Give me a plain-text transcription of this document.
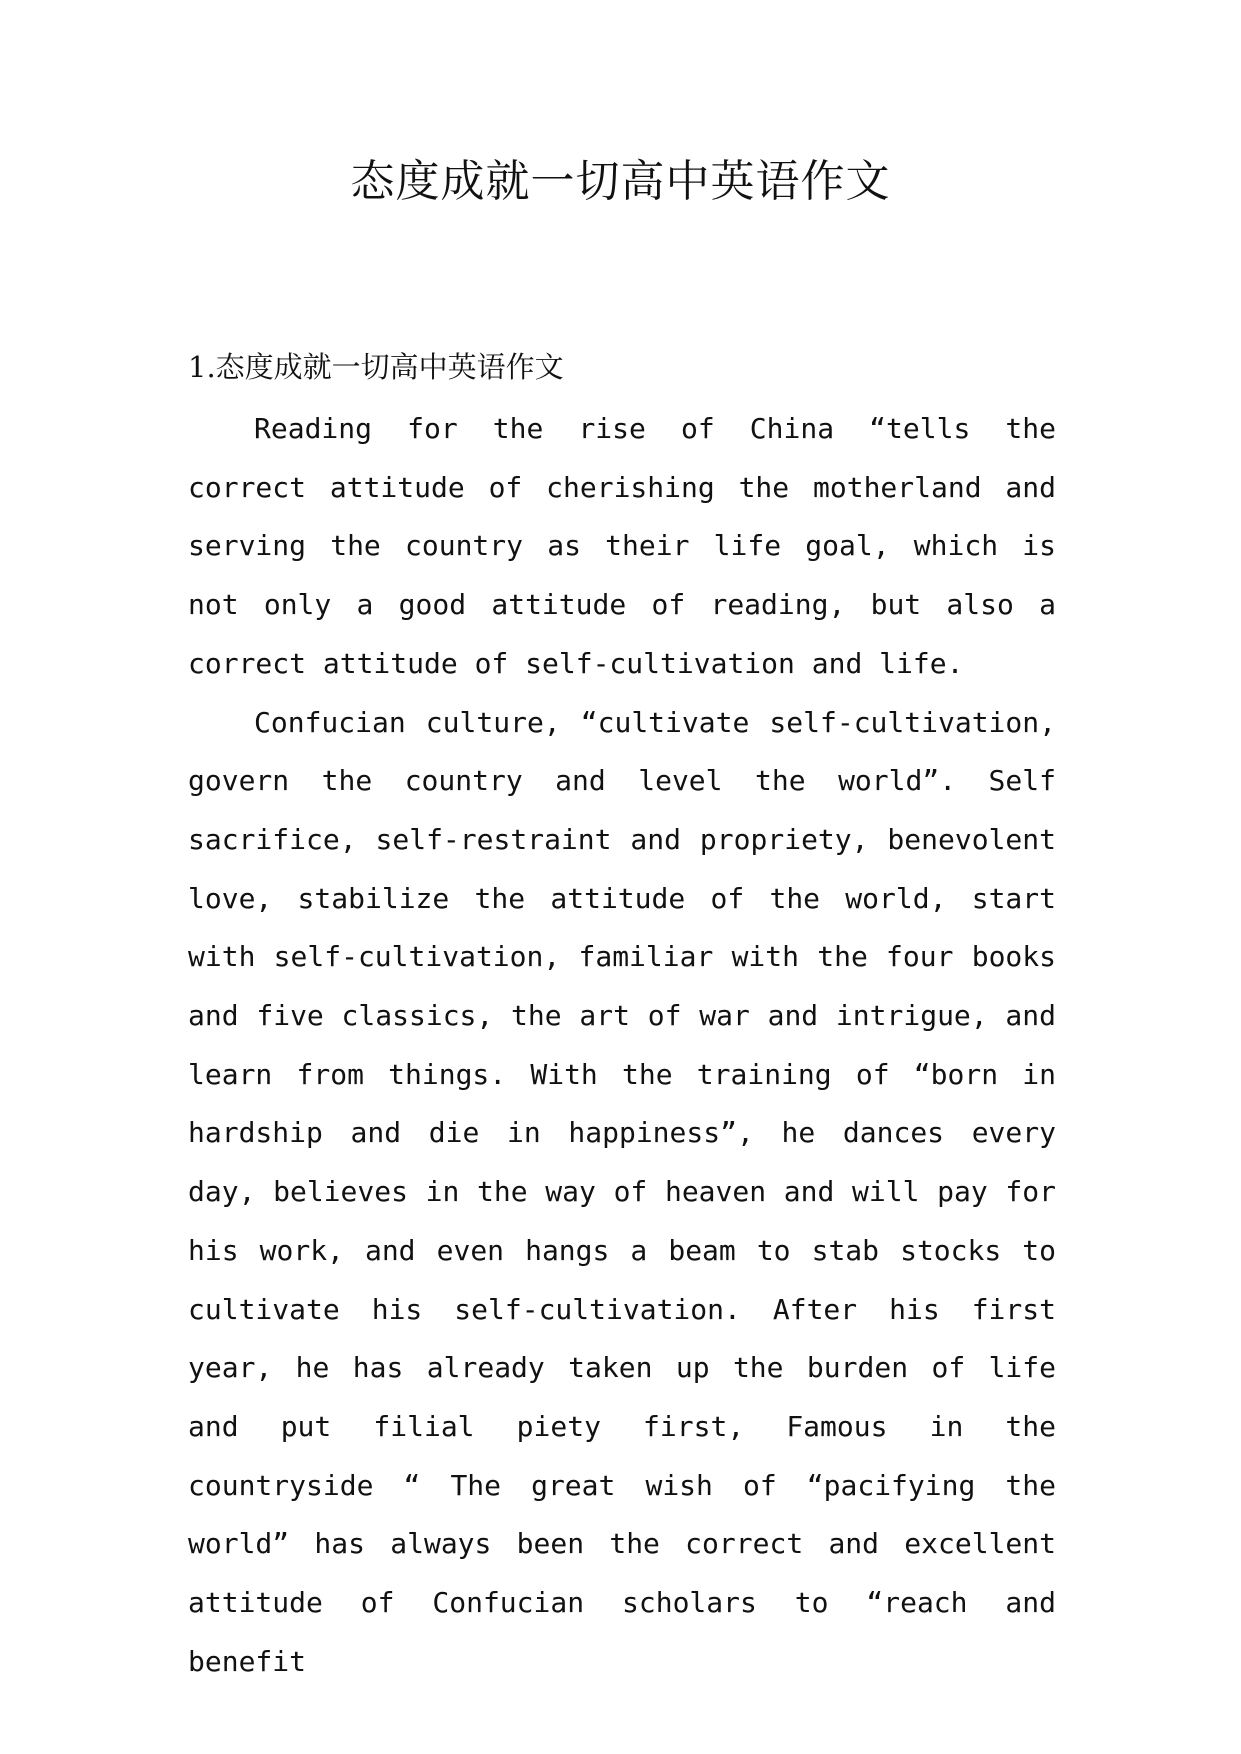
态度成就一切高中英语作文
1.态度成就一切高中英语作文

Reading for the rise of China “tells the correct attitude of cherishing the motherland and serving the country as their life goal, which is not only a good attitude of reading, but also a correct attitude of self-cultivation and life.

Confucian culture, “cultivate self-cultivation, govern the country and level the world”. Self sacrifice, self-restraint and propriety, benevolent love, stabilize the attitude of the world, start with self-cultivation, familiar with the four books and five classics, the art of war and intrigue, and learn from things. With the training of “born in hardship and die in happiness”, he dances every day, believes in the way of heaven and will pay for his work, and even hangs a beam to stab stocks to cultivate his self-cultivation. After his first year, he has already taken up the burden of life and put filial piety first, Famous in the countryside “ The great wish of “pacifying the world” has always been the correct and excellent attitude of Confucian scholars to “reach and benefit
